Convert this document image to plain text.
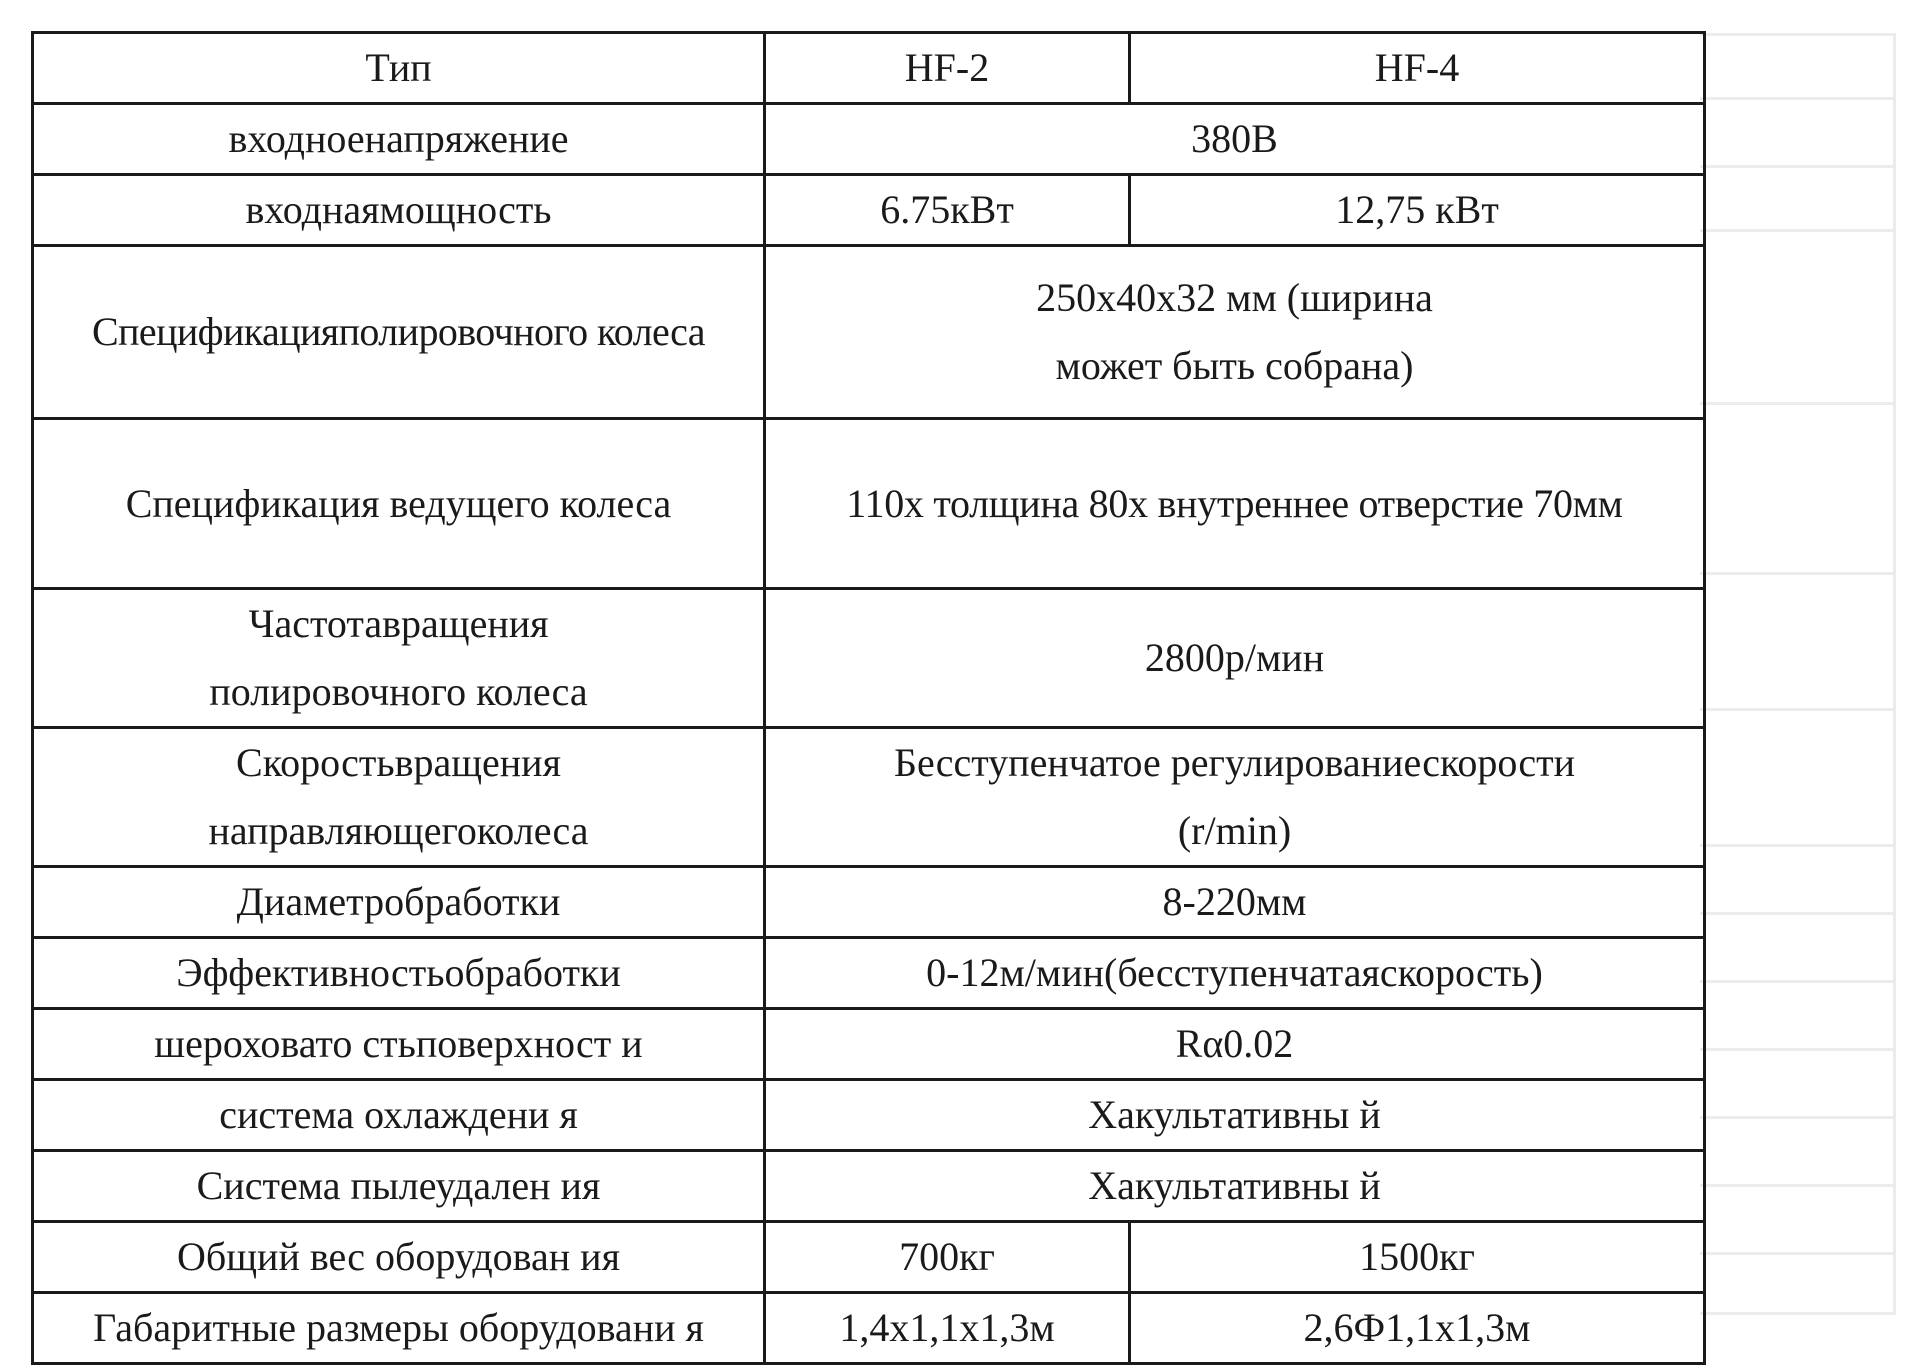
Тип	HF-2	HF-4
входноенапряжение	380В	
входнаямощность	6.75кВт	12,75 кВт
Спецификацияполировочного колеса	250х40х32 мм (ширина
может быть собрана)	

Спецификация ведущего колеса	110х толщина 80х внутреннее отверстие 70мм	

Частотавращения
полировочного колеса	2800р/мин	

Скоростьвращения
направляющегоколеса	Бесступенчатое регулированиескорости
(r/min)	

Диаметробработки	8-220мм	
Эффективностьобработки	0-12м/мин(бесступенчатаяскорость)	
шероховато стьповерхност и	Rα0.02	
система охлаждени я	Хакультативны й	
Система пылеудален ия	Хакультативны й	
Общий вес оборудован ия	700кг	1500кг
Габаритные размеры оборудовани я	1,4х1,1х1,3м	2,6Ф1,1х1,3м
